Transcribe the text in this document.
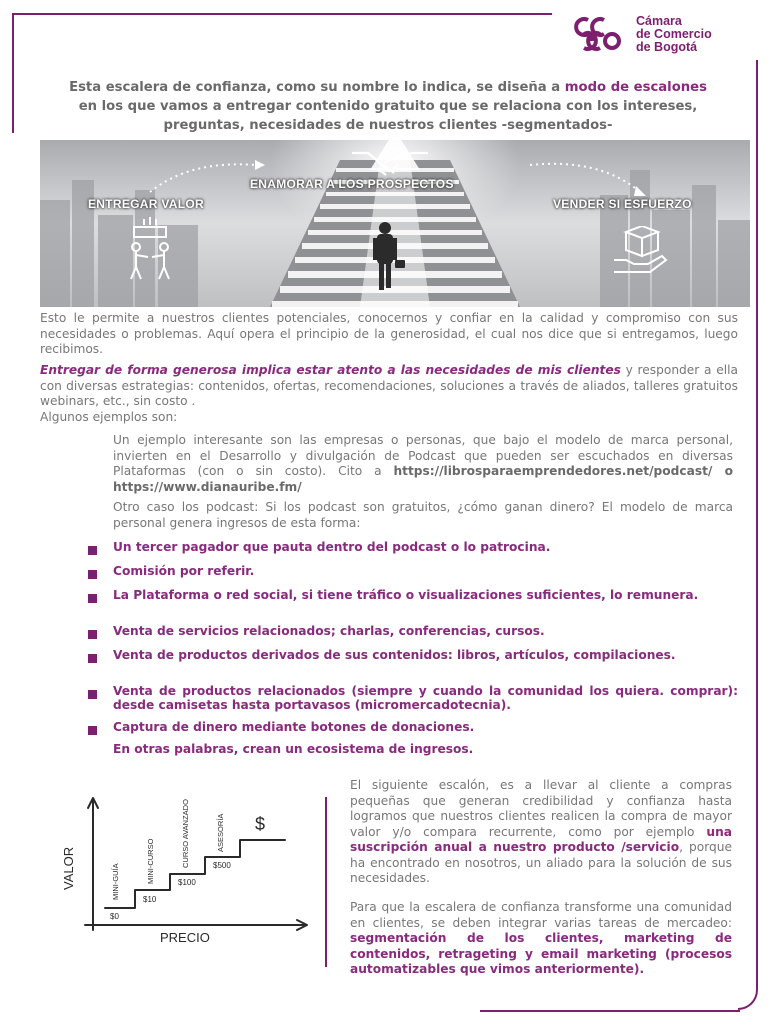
Cámara
de Comercio
de Bogotá
Esta escalera de confianza, como su nombre lo indica, se diseña a modo de escalones en los que vamos a entregar contenido gratuito que se relaciona con los intereses, preguntas, necesidades de nuestros clientes -segmentados-
ENTREGAR VALOR
ENAMORAR A LOS PROSPECTOS
VENDER SI ESFUERZO
Esto le permite a nuestros clientes potenciales, conocernos y confiar en la calidad y compromiso con sus necesidades o problemas. Aquí opera el principio de la generosidad, el cual nos dice que si entregamos, luego recibimos.
Entregar de forma generosa implica estar atento a las necesidades de mis clientes y responder a ella con diversas estrategias: contenidos, ofertas, recomendaciones, soluciones a través de aliados, talleres gratuitos webinars, etc., sin costo .
Algunos ejemplos son:
Un ejemplo interesante son las empresas o personas, que bajo el modelo de marca personal, invierten en el Desarrollo y divulgación de Podcast que pueden ser escuchados en diversas Plataformas (con o sin costo). Cito a https://librosparaemprendedores.net/podcast/ o https://www.dianauribe.fm/
Otro caso los podcast: Si los podcast son gratuitos, ¿cómo ganan dinero? El modelo de marca personal genera ingresos de esta forma:
Un tercer pagador que pauta dentro del podcast o lo patrocina.
Comisión por referir.
La Plataforma o red social, si tiene tráfico o visualizaciones suficientes, lo remunera.
Venta de servicios relacionados; charlas, conferencias, cursos.
Venta de productos derivados de sus contenidos: libros, artículos, compilaciones.
Venta de productos relacionados (siempre y cuando la comunidad los quiera. comprar): desde camisetas hasta portavasos (micromercadotecnia).
Captura de dinero mediante botones de donaciones.
En otras palabras, crean un ecosistema de ingresos.
VALOR
PRECIO
MINI-GUÍA	MINI-CURSO	CURSO AVANZADO	ASESORÍA
$0
$10
$100
$500
$
El siguiente escalón, es a llevar al cliente a compras pequeñas que generan credibilidad y confianza hasta logramos que nuestros clientes realicen la compra de mayor valor y/o compara recurrente, como por ejemplo una suscripción anual a nuestro producto /servicio, porque ha encontrado en nosotros, un aliado para la solución de sus necesidades.
Para que la escalera de confianza transforme una comunidad en clientes, se deben integrar varias tareas de mercadeo: segmentación de los clientes, marketing de contenidos, retrageting y email marketing (procesos automatizables que vimos anteriormente).
